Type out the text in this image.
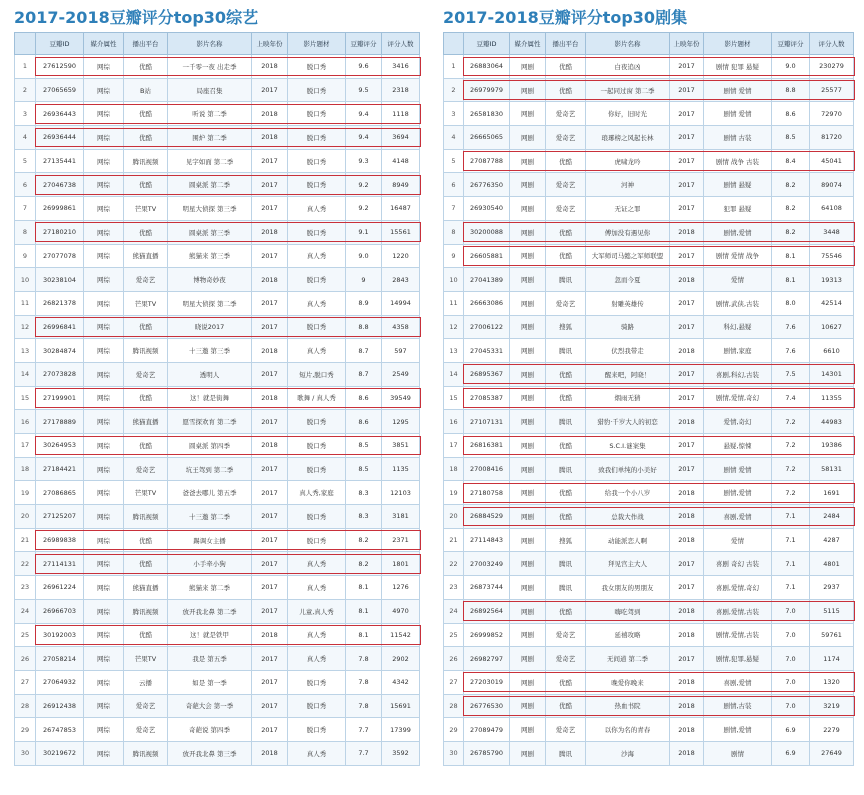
2017-2018豆瓣评分top30综艺
	豆瓣ID	媒介属性	播出平台	影片名称	上映年份	影片题材	豆瓣评分	评分人数
1	27612590	网综	优酷	一千零一夜 出走季	2018	脱口秀	9.6	3416
2	27065659	网综	B站	局座召集	2017	脱口秀	9.5	2318
3	26936443	网综	优酷	听说 第二季	2018	脱口秀	9.4	1118
4	26936444	网综	优酷	围炉 第二季	2018	脱口秀	9.4	3694
5	27135441	网综	腾讯视频	见字如面 第二季	2017	脱口秀	9.3	4148
6	27046738	网综	优酷	圆桌派 第二季	2017	脱口秀	9.2	8949
7	26999861	网综	芒果TV	明星大侦探 第三季	2017	真人秀	9.2	16487
8	27180210	网综	优酷	圆桌派 第三季	2018	脱口秀	9.1	15561
9	27077078	网综	熊猫直播	熊猫来 第三季	2017	真人秀	9.0	1220
10	30238104	网综	爱奇艺	博物奇妙夜	2018	脱口秀	9	2843
11	26821378	网综	芒果TV	明星大侦探 第二季	2017	真人秀	8.9	14994
12	26996841	网综	优酷	晓说2017	2017	脱口秀	8.8	4358
13	30284874	网综	腾讯视频	十三邀 第三季	2018	真人秀	8.7	597
14	27073828	网综	爱奇艺	透明人	2017	短片,脱口秀	8.7	2549
15	27199901	网综	优酷	这！就是街舞	2018	歌舞 / 真人秀	8.6	39549
16	27178889	网综	熊猫直播	愿雪探欢育 第二季	2017	脱口秀	8.6	1295
17	30264953	网综	优酷	圆桌派 第四季	2018	脱口秀	8.5	3851
18	27184421	网综	爱奇艺	坑王驾到 第二季	2017	脱口秀	8.5	1135
19	27086865	网综	芒果TV	爸爸去哪儿 第五季	2017	真人秀,家庭	8.3	12103
20	27125207	网综	腾讯视频	十三邀 第二季	2017	脱口秀	8.3	3181
21	26989838	网综	优酷	踢调女主播	2017	脱口秀	8.2	2371
22	27114131	网综	优酷	小手牵小狗	2017	真人秀	8.2	1801
23	26961224	网综	熊猫直播	熊猫来 第二季	2017	真人秀	8.1	1276
24	26966703	网综	腾讯视频	放开我北鼻 第二季	2017	儿童,真人秀	8.1	4970
25	30192003	网综	优酷	这！就是铁甲	2018	真人秀	8.1	11542
26	27058214	网综	芒果TV	我是 第五季	2017	真人秀	7.8	2902
27	27064932	网综	云播	如是 第一季	2017	脱口秀	7.8	4342
28	26912438	网综	爱奇艺	奇葩大会 第一季	2017	脱口秀	7.8	15691
29	26747853	网综	爱奇艺	奇葩说 第四季	2017	脱口秀	7.7	17399
30	30219672	网综	腾讯视频	放开我北鼻 第三季	2018	真人秀	7.7	3592
2017-2018豆瓣评分top30剧集
	豆瓣ID	媒介属性	播出平台	影片名称	上映年份	影片题材	豆瓣评分	评分人数
1	26883064	网剧	优酷	白夜追凶	2017	剧情 犯罪 悬疑	9.0	230279
2	26979979	网剧	优酷	一起同过窗 第二季	2017	剧情 爱情	8.8	25577
3	26581830	网剧	爱奇艺	你好，旧时光	2017	剧情 爱情	8.6	72970
4	26665065	网剧	爱奇艺	琅琊榜之风起长林	2017	剧情 古装	8.5	81720
5	27087788	网剧	优酷	虎啸龙吟	2017	剧情 战争 古装	8.4	45041
6	26776350	网剧	爱奇艺	河神	2017	剧情 悬疑	8.2	89074
7	26930540	网剧	爱奇艺	无证之罪	2017	犯罪 悬疑	8.2	64108
8	30200088	网剧	优酷	傅加没有遇见你	2018	剧情,爱情	8.2	3448
9	26605881	网剧	优酷	大军师司马懿之军师联盟	2017	剧情 爱情 战争	8.1	75546
10	27041389	网剧	腾讯	忽而今夏	2018	爱情	8.1	19313
11	26663086	网剧	爱奇艺	射雕英雄传	2017	剧情,武侠,古装	8.0	42514
12	27006122	网剧	搜狐	骑路	2017	科幻,悬疑	7.6	10627
13	27045331	网剧	腾讯	伏烈我带走	2018	剧情,家庭	7.6	6610
14	26895367	网剧	优酷	醒来吧，阿晓！	2017	喜剧,科幻,古装	7.5	14301
15	27085387	网剧	优酷	烟雨无猜	2017	剧情,爱情,奇幻	7.4	11355
16	27107131	网剧	腾讯	猎豹·千岁大人的初恋	2018	爱情,奇幻	7.2	44983
17	26816381	网剧	优酷	S.C.I.谜案集	2017	悬疑,惊悚	7.2	19386
18	27008416	网剧	腾讯	致我们单纯的小美好	2017	剧情 爱情	7.2	58131
19	27180758	网剧	优酷	给我一个小八岁	2018	剧情,爱情	7.2	1691
20	26884529	网剧	优酷	总裁大作战	2018	喜剧,爱情	7.1	2484
21	27114843	网剧	搜狐	动能派恋人啊	2018	爱情	7.1	4287
22	27003249	网剧	腾讯	拜见宫主大人	2017	喜剧 奇幻 古装	7.1	4801
23	26873744	网剧	腾讯	我女朋友的男朋友	2017	喜剧,爱情,奇幻	7.1	2937
24	26892564	网剧	优酷	嗨吃驾到	2018	喜剧,爱情,古装	7.0	5115
25	26999852	网剧	爱奇艺	延禧攻略	2018	剧情,爱情,古装	7.0	59761
26	26982797	网剧	爱奇艺	无间道 第二季	2017	剧情,犯罪,悬疑	7.0	1174
27	27203019	网剧	优酷	晚爱你晚来	2018	喜剧,爱情	7.0	1320
28	26776530	网剧	优酷	热血书院	2018	剧情,古装	7.0	3219
29	27089479	网剧	爱奇艺	以你为名的青春	2018	剧情,爱情	6.9	2279
30	26785790	网剧	腾讯	沙海	2018	剧情	6.9	27649
